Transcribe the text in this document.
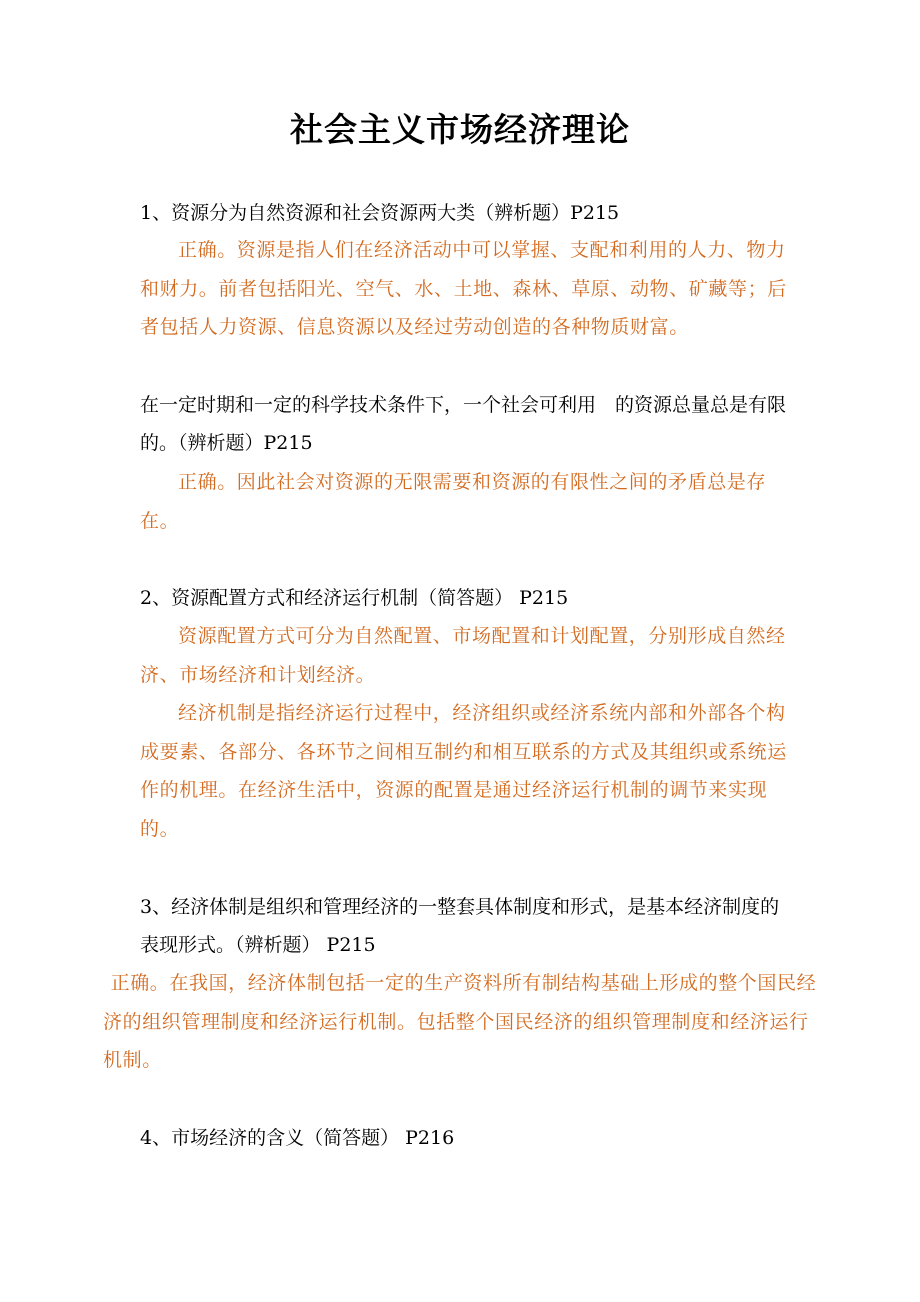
社会主义市场经济理论
1、资源分为自然资源和社会资源两大类（辨析题）P215
正确。资源是指人们在经济活动中可以掌握、支配和利用的人力、物力和财力。前者包括阳光、空气、水、土地、森林、草原、动物、矿藏等；后者包括人力资源、信息资源以及经过劳动创造的各种物质财富。
在一定时期和一定的科学技术条件下，一个社会可利用　的资源总量总是有限的。（辨析题）P215
正确。因此社会对资源的无限需要和资源的有限性之间的矛盾总是存在。
2、资源配置方式和经济运行机制（简答题） P215
资源配置方式可分为自然配置、市场配置和计划配置，分别形成自然经济、市场经济和计划经济。
经济机制是指经济运行过程中，经济组织或经济系统内部和外部各个构成要素、各部分、各环节之间相互制约和相互联系的方式及其组织或系统运作的机理。在经济生活中，资源的配置是通过经济运行机制的调节来实现的。
3、经济体制是组织和管理经济的一整套具体制度和形式，是基本经济制度的表现形式。（辨析题） P215
正确。在我国，经济体制包括一定的生产资料所有制结构基础上形成的整个国民经济的组织管理制度和经济运行机制。包括整个国民经济的组织管理制度和经济运行机制。
4、市场经济的含义（简答题） P216
